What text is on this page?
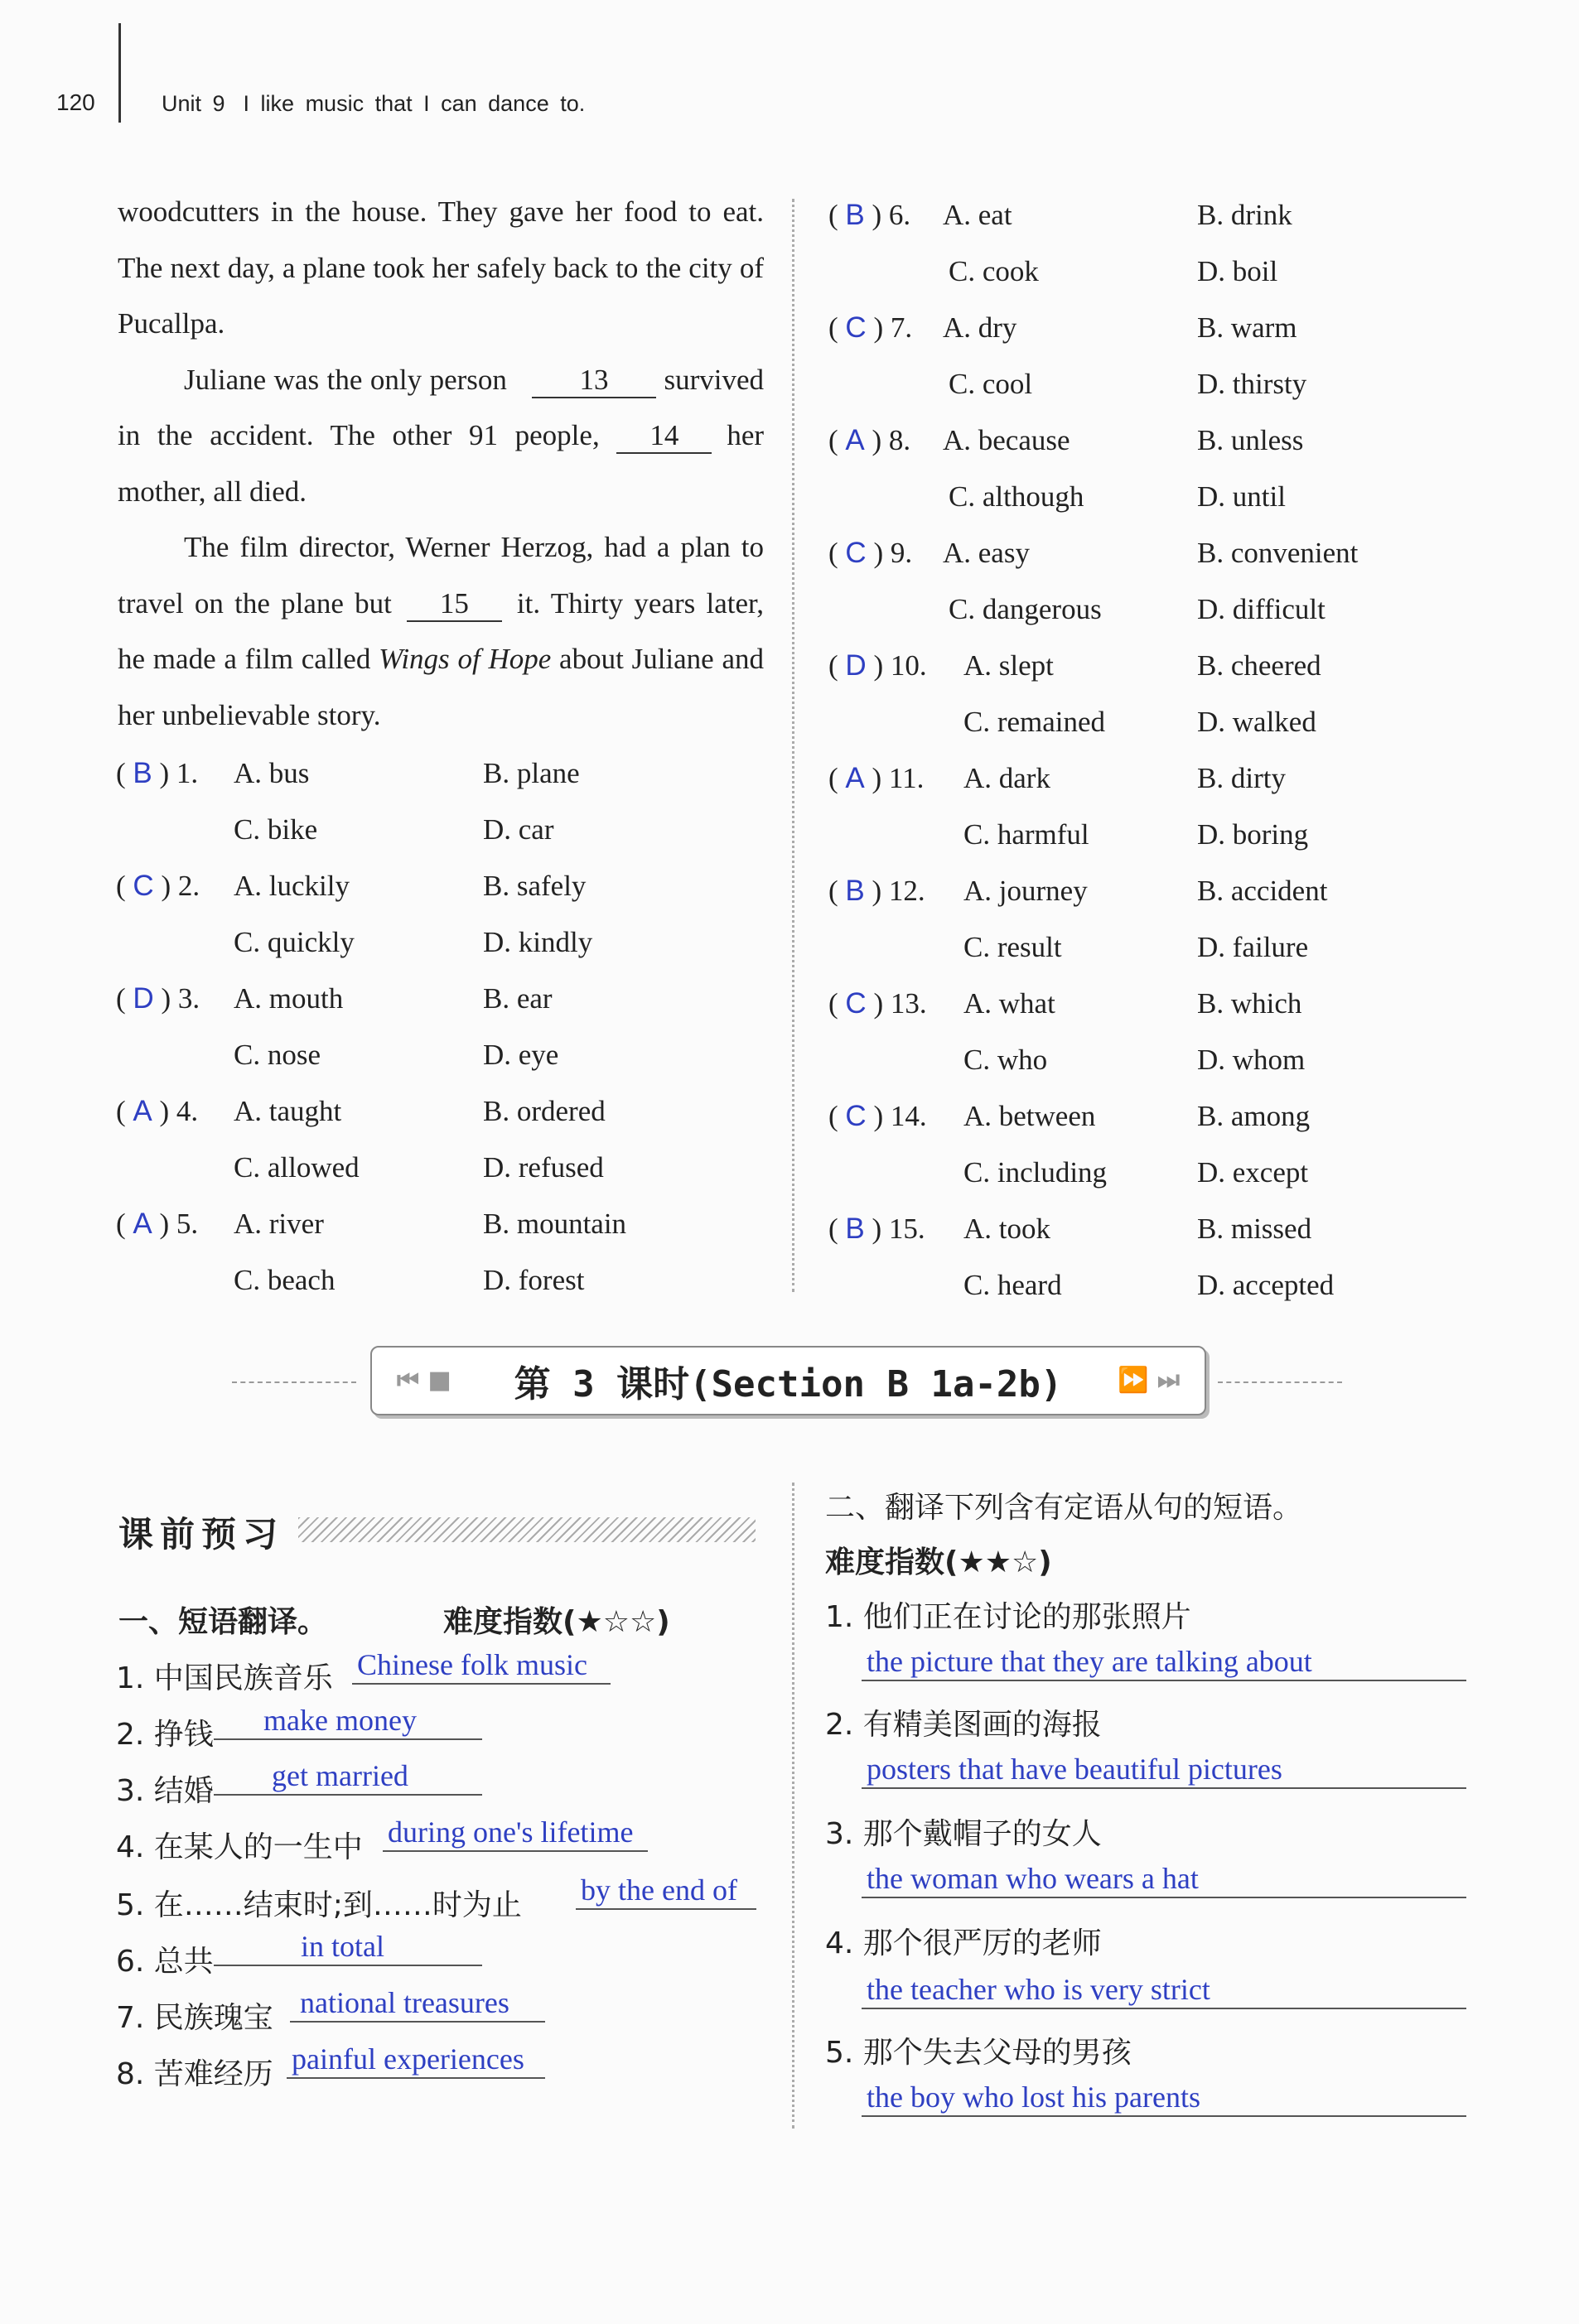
120	Unit 9 I like music that I can dance to.

woodcutters in the house. They gave her food to eat. The next day, a plane took her safely back to the city of Pucallpa.

Juliane was the only person	13 survived in the accident. The other 91 people, 14 her mother, all died.

The film director, Werner Herzog, had a plan to travel on the plane but 15 it. Thirty years later, he made a film called Wings of Hope about Juliane and her unbelievable story.

( B ) 1. A. bus	B. plane
C. bike	D. car
( C ) 2. A. luckily	B. safely
C. quickly	D. kindly
( D ) 3. A. mouth	B. ear
C. nose	D. eye
( A ) 4. A. taught	B. ordered
C. allowed	D. refused
( A ) 5. A. river	B. mountain
C. beach	D. forest
( B ) 6. A. eat	B. drink
C. cook	D. boil
( C ) 7. A. dry	B. warm
C. cool	D. thirsty
( A ) 8. A. because	B. unless
C. although	D. until
( C ) 9. A. easy	B. convenient
C. dangerous	D. difficult
( D ) 10. A. slept	B. cheered
C. remained	D. walked
( A ) 11. A. dark	B. dirty
C. harmful	D. boring
( B ) 12. A. journey	B. accident
C. result	D. failure
( C ) 13. A. what	B. which
C. who	D. whom
( C ) 14. A. between	B. among
C. including	D. except
( B ) 15. A. took	B. missed
C. heard	D. accepted
⏮ ■ 第 3 课时(Section B 1a-2b) ⏩ ⏭
课前预习
一、短语翻译。	难度指数(★☆☆)
1. 中国民族音乐 Chinese folk music
2. 挣钱	make money
3. 结婚	get married
4. 在某人的一生中 during one's lifetime
5. 在……结束时;到……时为止 by the end of
6. 总共	in total
7. 民族瑰宝 national treasures
8. 苦难经历 painful experiences
二、翻译下列含有定语从句的短语。
难度指数(★★☆)
1. 他们正在讨论的那张照片
the picture that they are talking about
2. 有精美图画的海报
posters that have beautiful pictures
3. 那个戴帽子的女人
the woman who wears a hat
4. 那个很严厉的老师
the teacher who is very strict
5. 那个失去父母的男孩
the boy who lost his parents
